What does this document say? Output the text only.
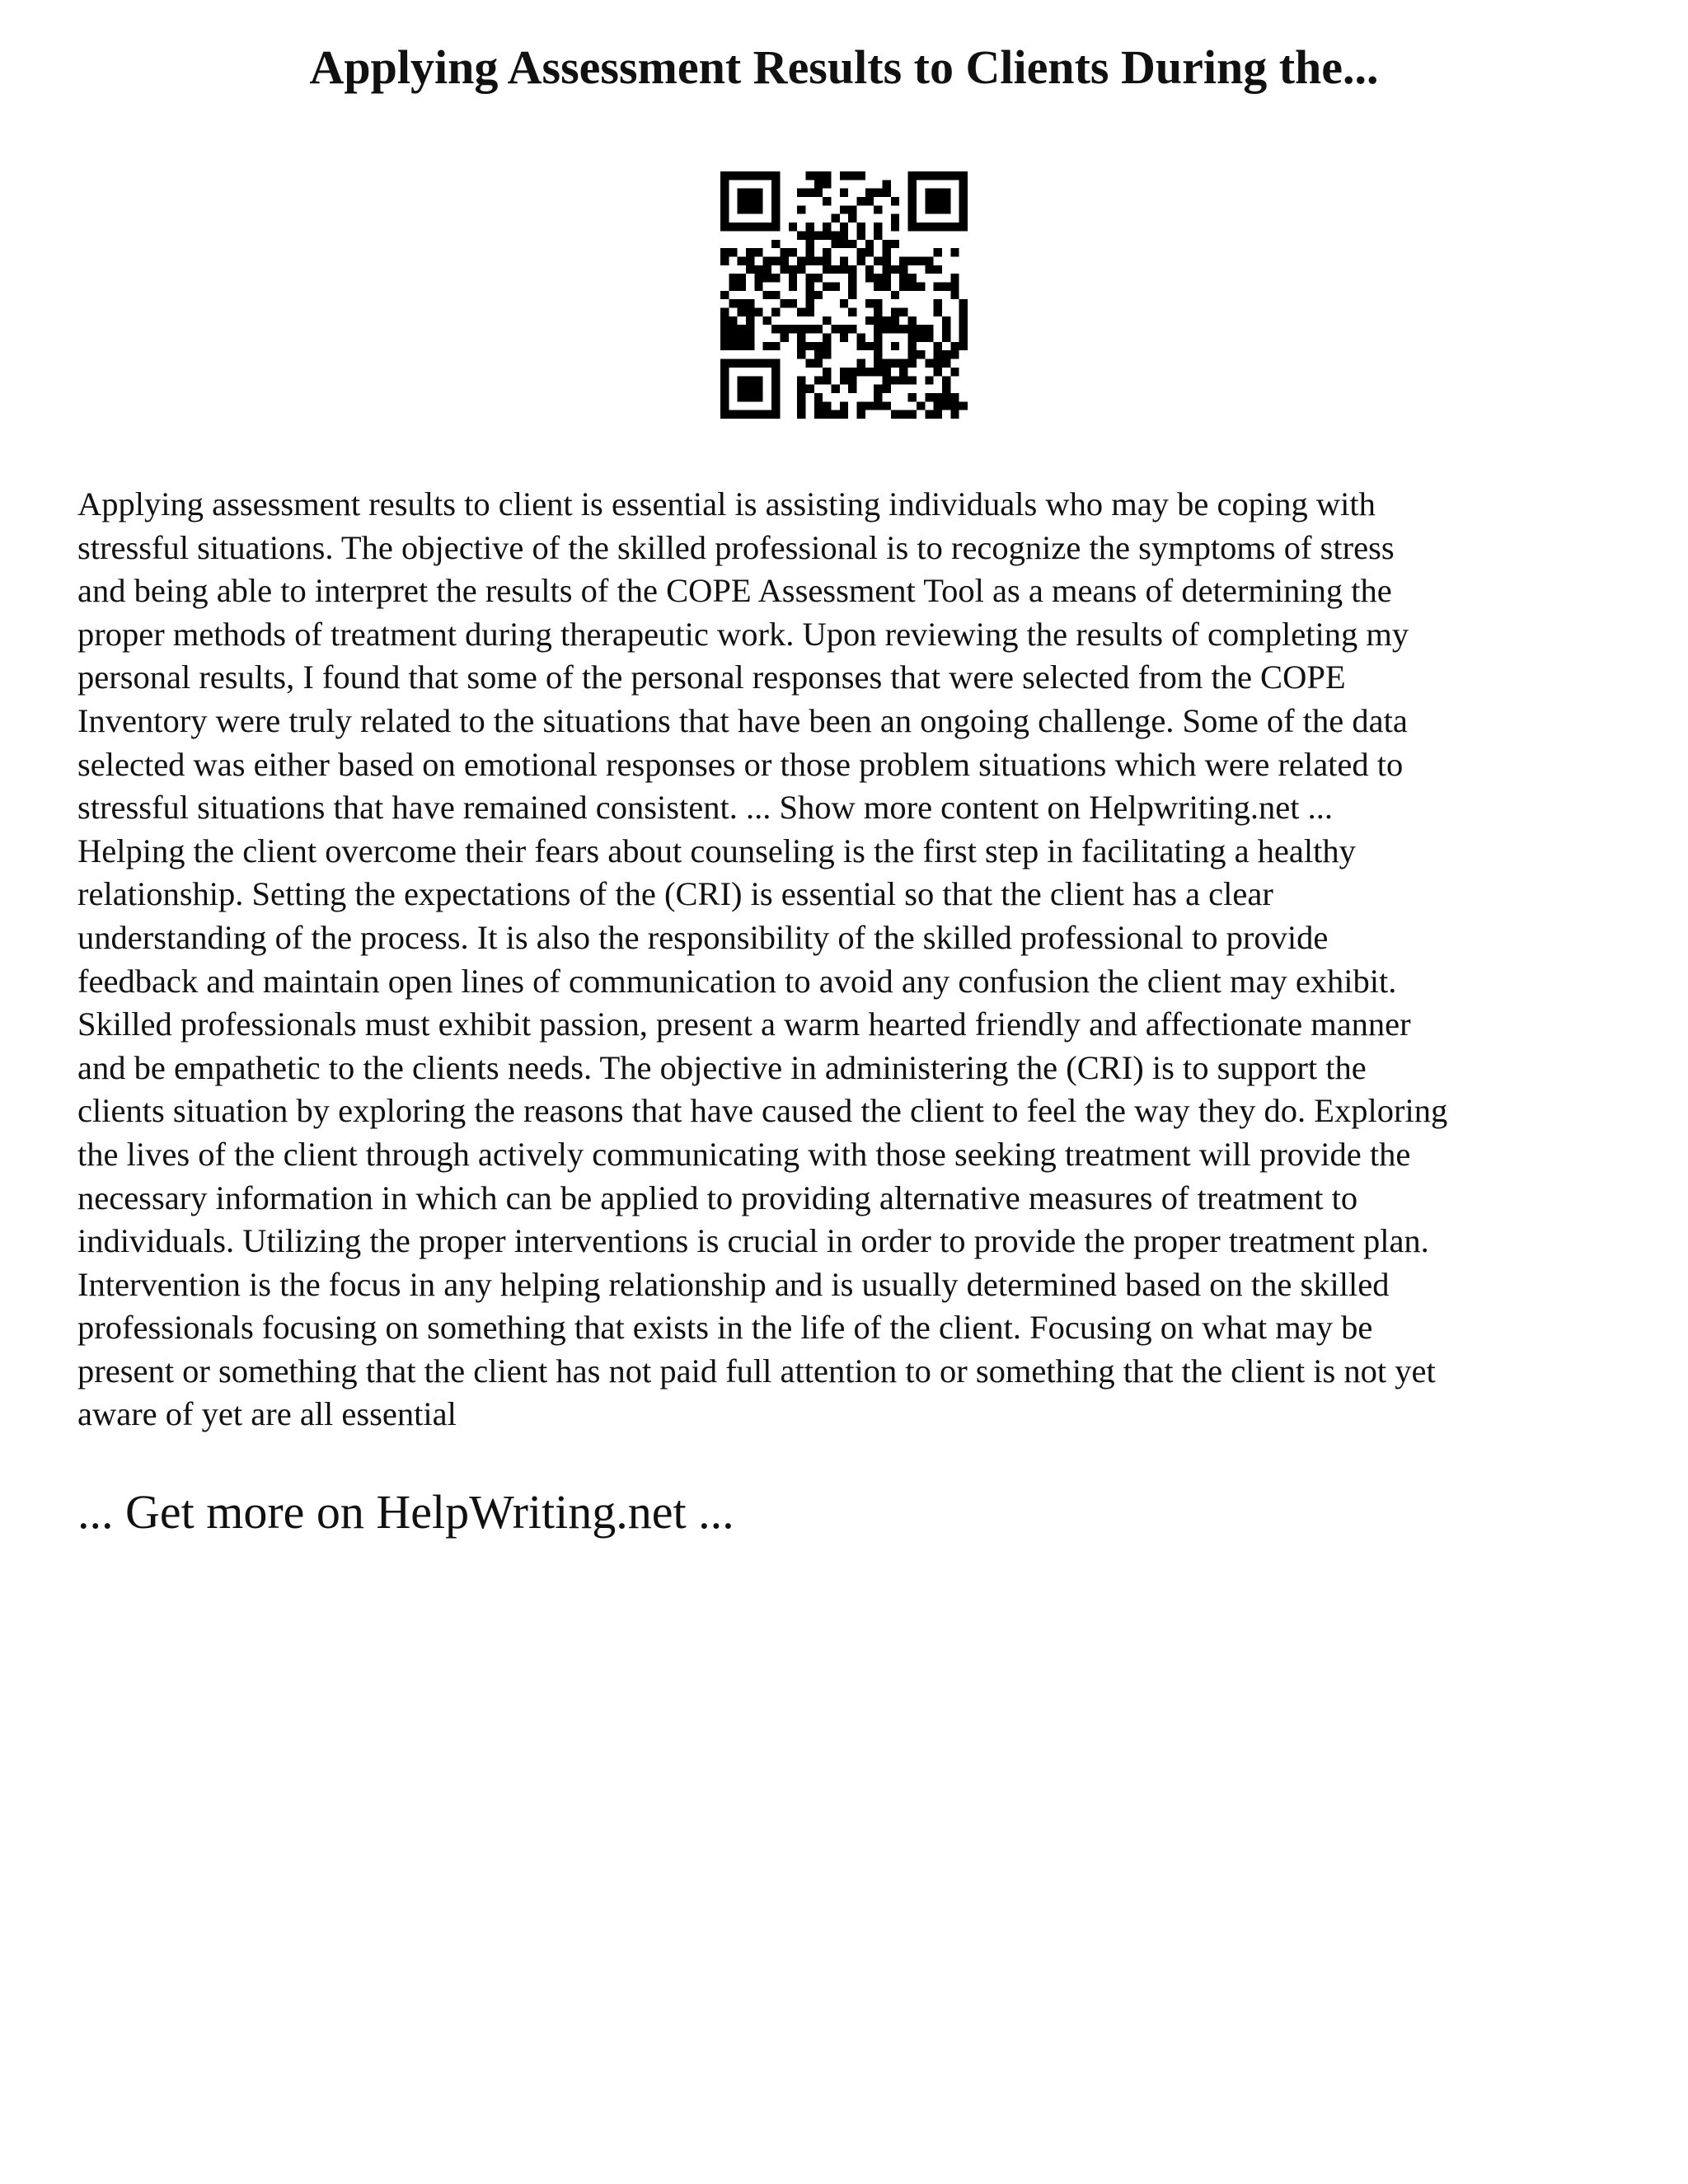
Applying Assessment Results to Clients During the...
Applying assessment results to client is essential is assisting individuals who may be coping with
stressful situations. The objective of the skilled professional is to recognize the symptoms of stress
and being able to interpret the results of the COPE Assessment Tool as a means of determining the
proper methods of treatment during therapeutic work. Upon reviewing the results of completing my
personal results, I found that some of the personal responses that were selected from the COPE
Inventory were truly related to the situations that have been an ongoing challenge. Some of the data
selected was either based on emotional responses or those problem situations which were related to
stressful situations that have remained consistent. ... Show more content on Helpwriting.net ...
Helping the client overcome their fears about counseling is the first step in facilitating a healthy
relationship. Setting the expectations of the (CRI) is essential so that the client has a clear
understanding of the process. It is also the responsibility of the skilled professional to provide
feedback and maintain open lines of communication to avoid any confusion the client may exhibit.
Skilled professionals must exhibit passion, present a warm hearted friendly and affectionate manner
and be empathetic to the clients needs. The objective in administering the (CRI) is to support the
clients situation by exploring the reasons that have caused the client to feel the way they do. Exploring
the lives of the client through actively communicating with those seeking treatment will provide the
necessary information in which can be applied to providing alternative measures of treatment to
individuals. Utilizing the proper interventions is crucial in order to provide the proper treatment plan.
Intervention is the focus in any helping relationship and is usually determined based on the skilled
professionals focusing on something that exists in the life of the client. Focusing on what may be
present or something that the client has not paid full attention to or something that the client is not yet
aware of yet are all essential

... Get more on HelpWriting.net ...
